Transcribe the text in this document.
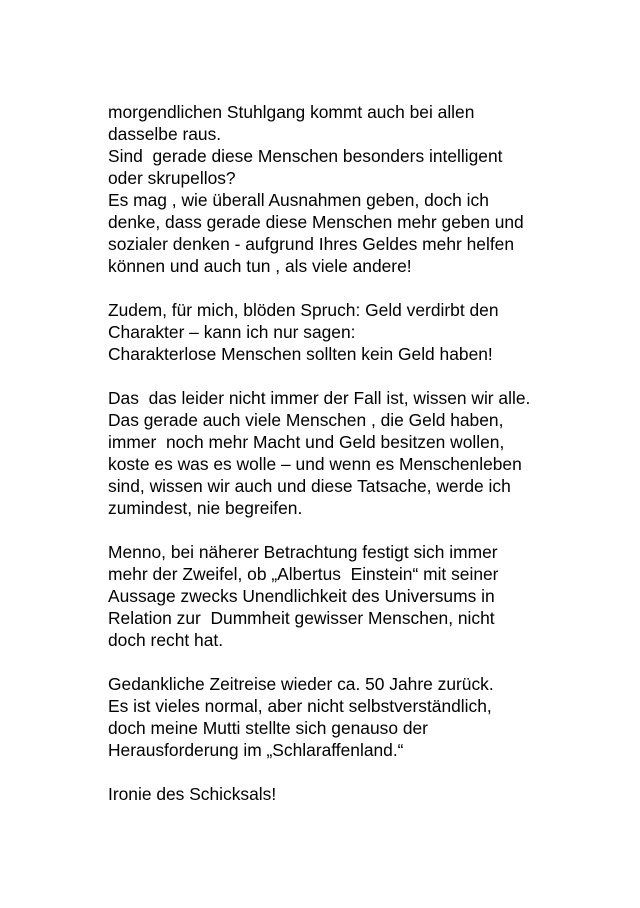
morgendlichen Stuhlgang kommt auch bei allen
dasselbe raus.
Sind  gerade diese Menschen besonders intelligent
oder skrupellos?
Es mag , wie überall Ausnahmen geben, doch ich
denke, dass gerade diese Menschen mehr geben und
sozialer denken - aufgrund Ihres Geldes mehr helfen
können und auch tun , als viele andere!
Zudem, für mich, blöden Spruch: Geld verdirbt den
Charakter – kann ich nur sagen:
Charakterlose Menschen sollten kein Geld haben!
Das  das leider nicht immer der Fall ist, wissen wir alle.
Das gerade auch viele Menschen , die Geld haben,
immer  noch mehr Macht und Geld besitzen wollen,
koste es was es wolle – und wenn es Menschenleben
sind, wissen wir auch und diese Tatsache, werde ich
zumindest, nie begreifen.
Menno, bei näherer Betrachtung festigt sich immer
mehr der Zweifel, ob „Albertus  Einstein“ mit seiner
Aussage zwecks Unendlichkeit des Universums in
Relation zur  Dummheit gewisser Menschen, nicht
doch recht hat.
Gedankliche Zeitreise wieder ca. 50 Jahre zurück.
Es ist vieles normal, aber nicht selbstverständlich,
doch meine Mutti stellte sich genauso der
Herausforderung im „Schlaraffenland.“
Ironie des Schicksals!
